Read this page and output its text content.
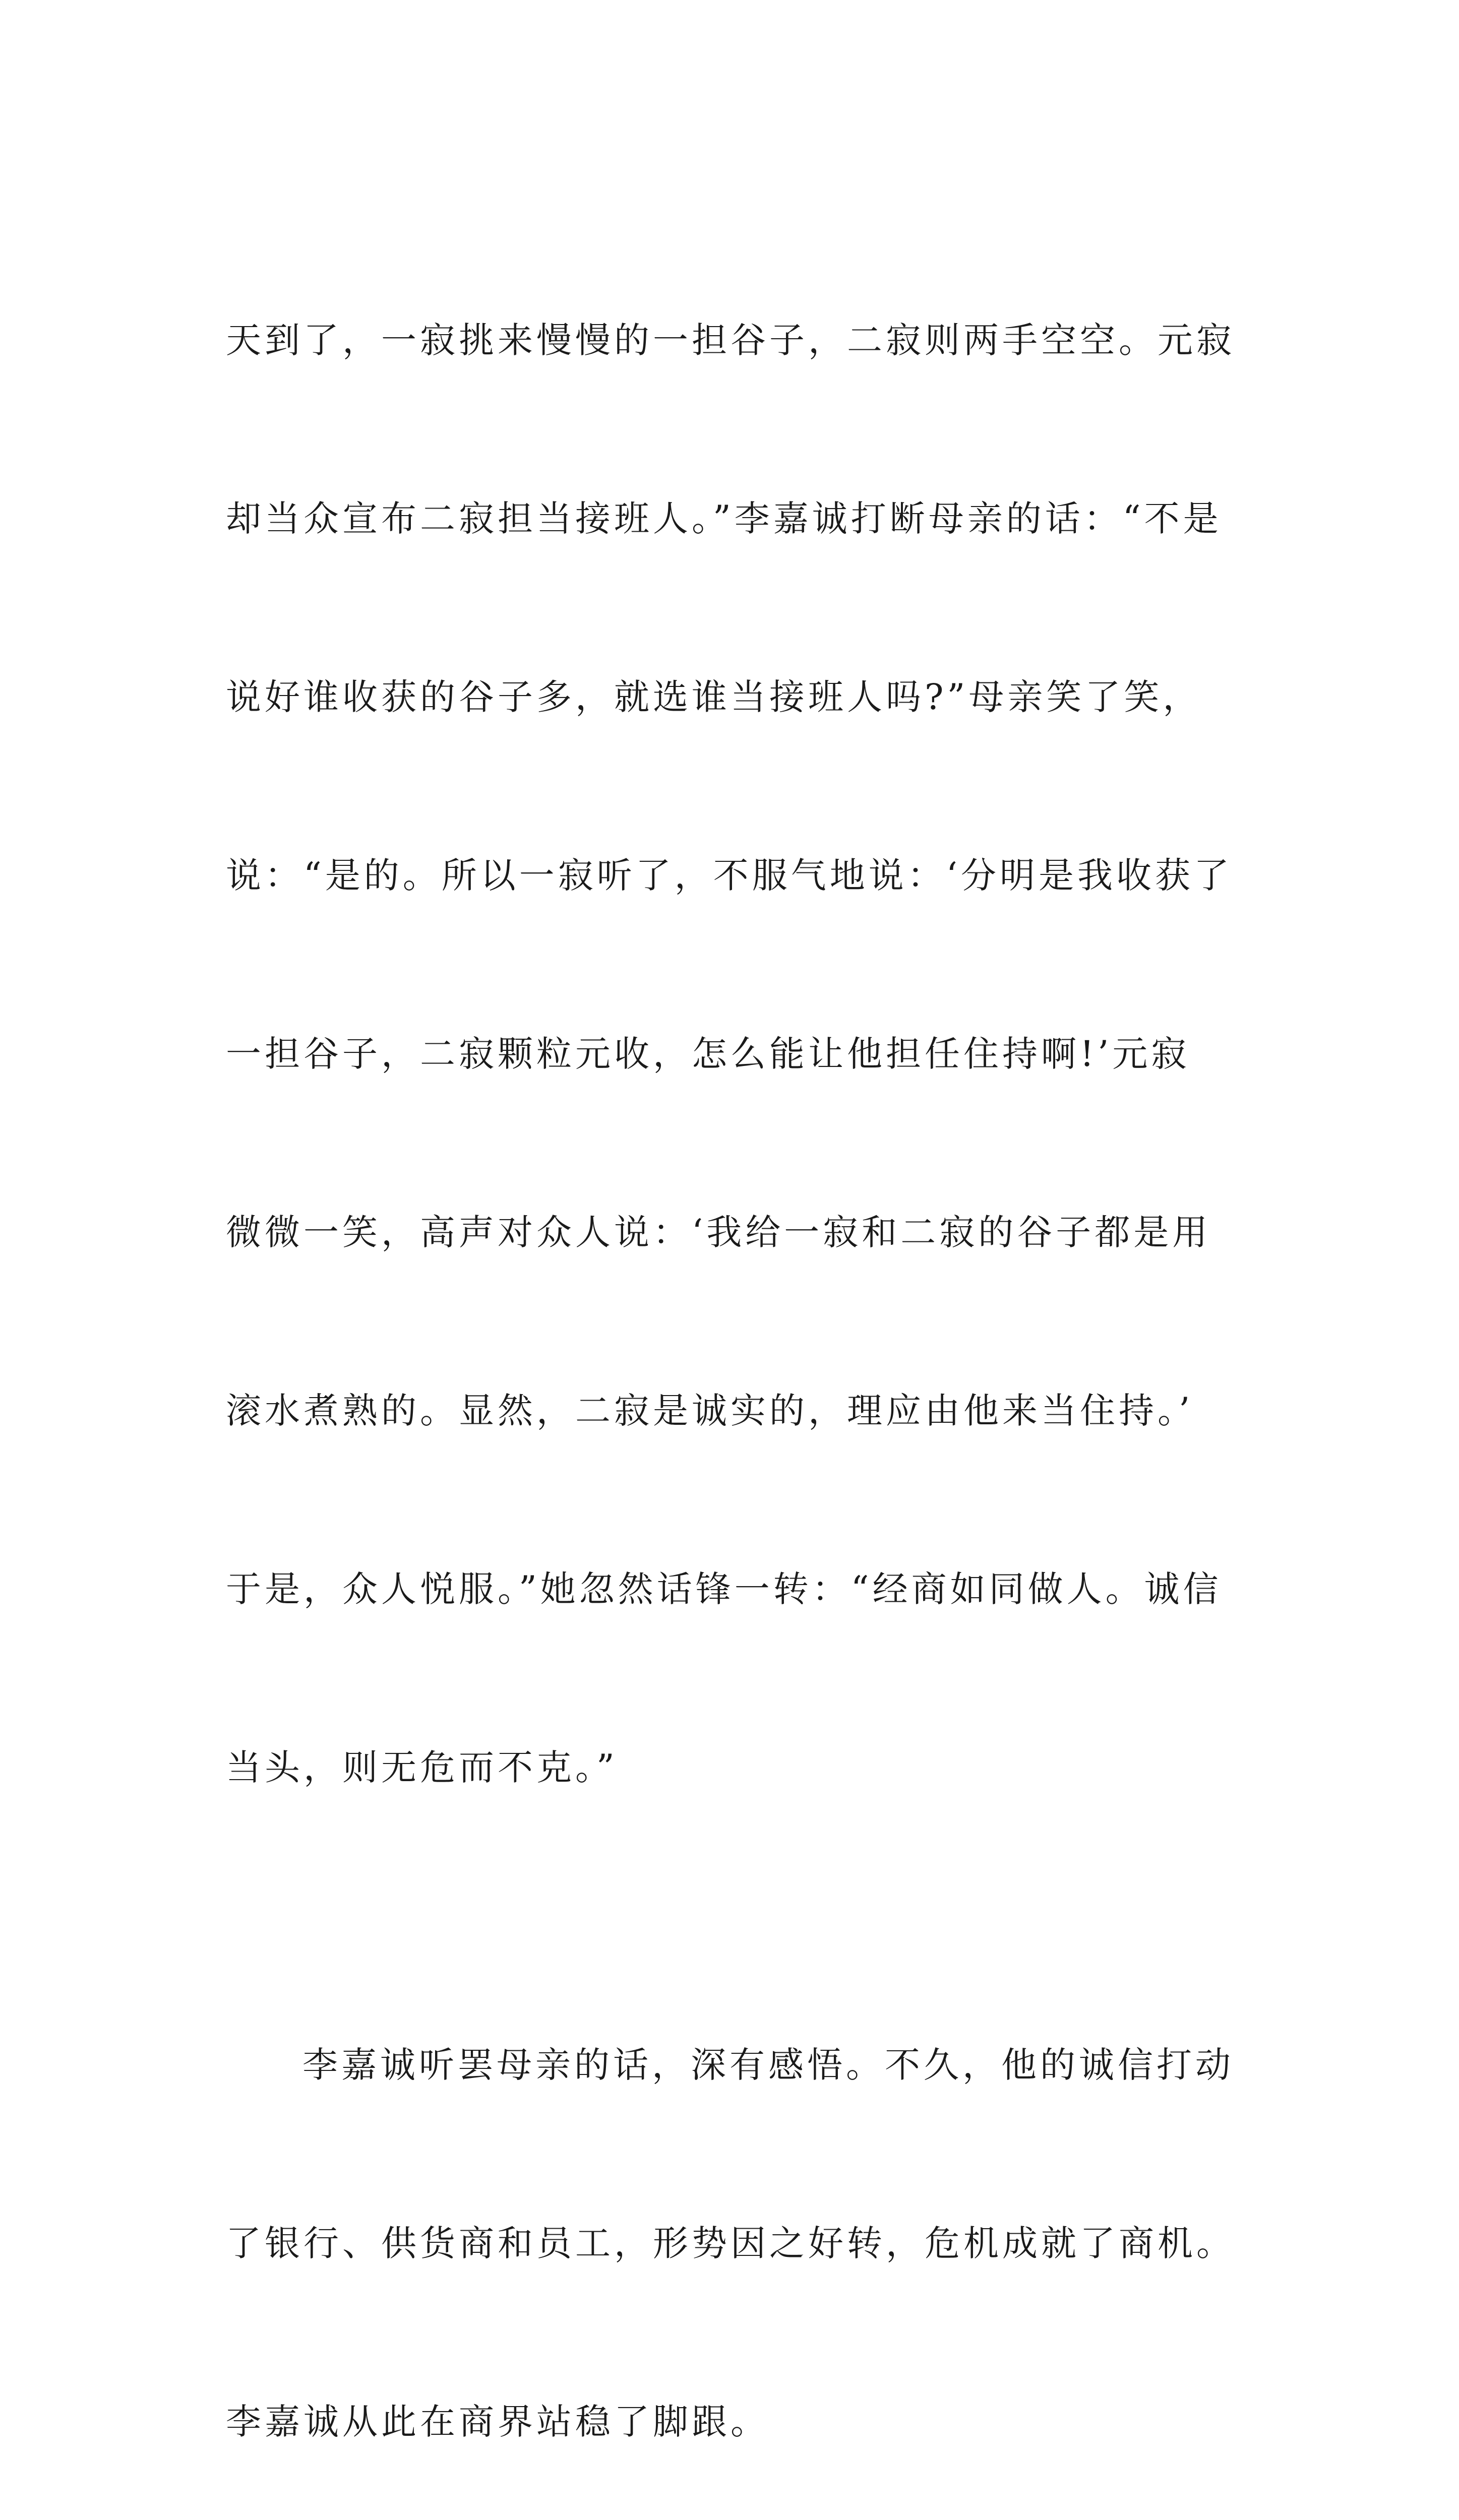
天到了，一寂挑来慢慢的一担谷子，二寂则两手空空。元寂

却当众宣布二寂担当接班人。”李嘉诚打断母亲的话：“不是

说好谁收获的谷子多，就选谁当接班人吗?”母亲笑了笑，

说：“是的。所以一寂听了，不服气地说：‘分明是我收获了

一担谷子，二寂颗粒元收，怎么能让他担任住持啊!’元寂

微微一笑，高声对众人说：‘我给一寂和二寂的谷子都是用

滚水煮熟的。显然，二寂是诚实的，理应由他来当住持。’

于是，众人悦服。”她忽然话锋一转：“经商如同做人。诚信

当头，则无危而不克。”

李嘉诚听罢母亲的话，深有感悟。不久，他的诚信打动

了银行、供货商和员工，形势因之好转，危机成就了商机。

李嘉诚从此在商界站稳了脚跟。
